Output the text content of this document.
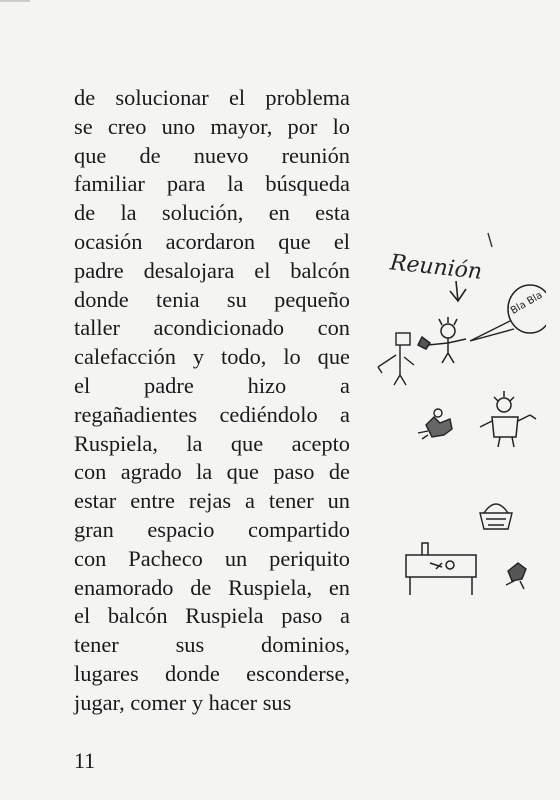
de solucionar el problema
se creo uno mayor, por lo
que de nuevo reunión
familiar para la búsqueda
de la solución, en esta
ocasión acordaron que el
padre desalojara el balcón
donde tenia su pequeño
taller acondicionado con
calefacción y todo, lo que
el padre hizo a
regañadientes cediéndolo a
Ruspiela, la que acepto
con agrado la que paso de
estar entre rejas a tener un
gran espacio compartido
con Pacheco un periquito
enamorado de Ruspiela, en
el balcón Ruspiela paso a
tener sus dominios,
lugares donde esconderse,
jugar, comer y hacer sus
Reunión
Bla Bla
11
